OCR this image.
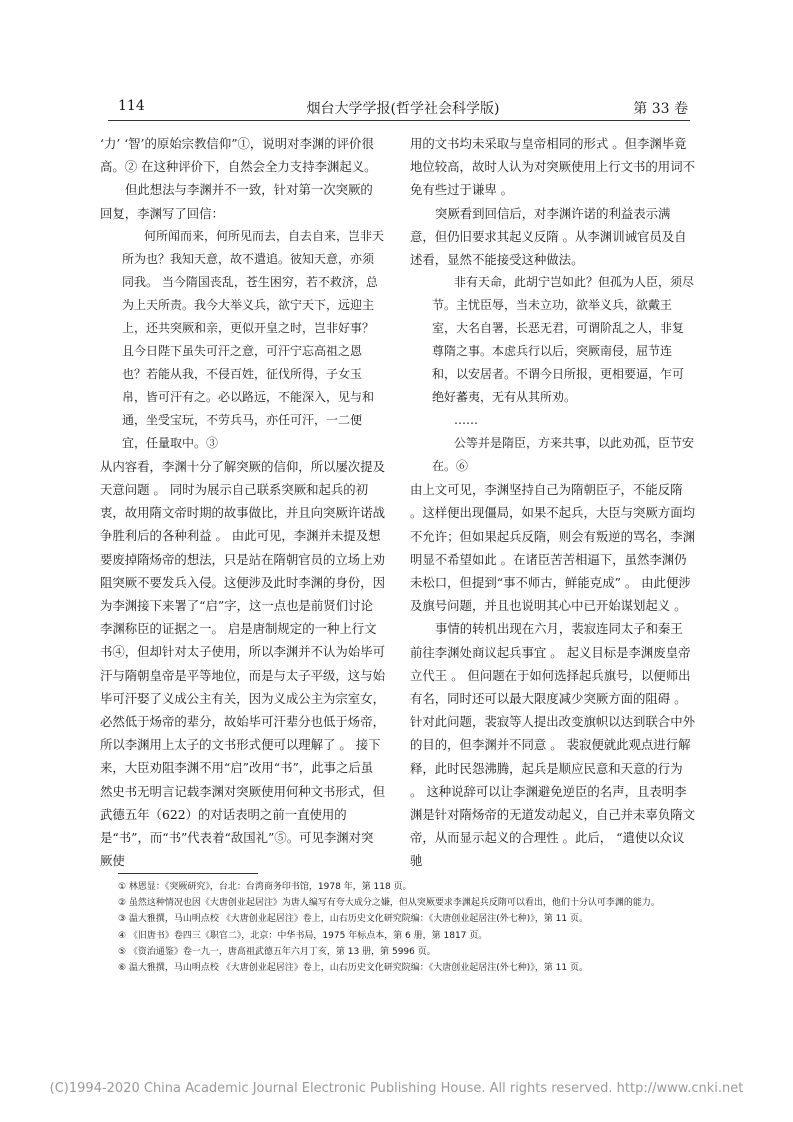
114	烟台大学学报(哲学社会科学版)	第 33 卷

‘力’ ‘智’的原始宗教信仰”①，说明对李渊的评价很高。② 在这种评价下，自然会全力支持李渊起义。

但此想法与李渊并不一致，针对第一次突厥的回复，李渊写了回信：

何所闻而来，何所见而去，自去自来，岂非天所为也？我知天意，故不遣追。彼知天意，亦须同我。 当今隋国丧乱，苍生困穷，若不救济，总为上天所责。我今大举义兵，欲宁天下，远迎主上，还共突厥和亲，更似开皇之时，岂非好事？且今日陛下虽失可汗之意，可汗宁忘高祖之恩也？若能从我，不侵百姓，征伐所得，子女玉帛，皆可汗有之。必以路远，不能深入，见与和通，坐受宝玩，不劳兵马，亦任可汗，一二便宜，任量取中。③

从内容看，李渊十分了解突厥的信仰，所以屡次提及天意问题 。 同时为展示自己联系突厥和起兵的初衷，故用隋文帝时期的故事做比，并且向突厥许诺战争胜利后的各种利益 。 由此可见，李渊并未提及想要废掉隋炀帝的想法，只是站在隋朝官员的立场上劝阻突厥不要发兵入侵。这便涉及此时李渊的身份，因为李渊接下来署了“启”字，这一点也是前贤们讨论李渊称臣的证据之一。 启是唐制规定的一种上行文书④，但却针对太子使用，所以李渊并不认为始毕可汗与隋朝皇帝是平等地位，而是与太子平级，这与始毕可汗娶了义成公主有关，因为义成公主为宗室女，必然低于炀帝的辈分，故始毕可汗辈分也低于炀帝，所以李渊用上太子的文书形式便可以理解了 。 接下来，大臣劝阻李渊不用“启”改用“书”，此事之后虽然史书无明言记载李渊对突厥使用何种文书形式，但武德五年（622）的对话表明之前一直使用的是“书”，而“书”代表着“敌国礼”⑤。可见李渊对突厥使

用的文书均未采取与皇帝相同的形式 。但李渊毕竟地位较高，故时人认为对突厥使用上行文书的用词不免有些过于谦卑 。

突厥看到回信后，对李渊许诺的利益表示满意，但仍旧要求其起义反隋 。从李渊训诫官员及自述看，显然不能接受这种做法。

非有天命，此胡宁岂如此？但孤为人臣，须尽节。主忧臣辱，当未立功，欲举义兵，欲戴王室，大名自署，长恶无君，可谓阶乱之人，非复尊隋之事。本虑兵行以后，突厥南侵，屈节连和，以安居者。不谓今日所报，更相要逼，乍可绝好蕃夷，无有从其所劝。

……

公等并是隋臣，方来共事，以此劝孤，臣节安在。⑥

由上文可见，李渊坚持自己为隋朝臣子，不能反隋 。这样便出现僵局，如果不起兵，大臣与突厥方面均不允许；但如果起兵反隋，则会有叛逆的骂名，李渊明显不希望如此 。在诸臣苦苦相逼下，虽然李渊仍未松口，但提到“事不师古，鲜能克成” 。 由此便涉及旗号问题，并且也说明其心中已开始谋划起义 。

事情的转机出现在六月，裴寂连同太子和秦王前往李渊处商议起兵事宜 。 起义目标是李渊废皇帝立代王 。 但问题在于如何选择起兵旗号，以便师出有名，同时还可以最大限度减少突厥方面的阻碍 。针对此问题，裴寂等人提出改变旗帜以达到联合中外的目的，但李渊并不同意 。 裴寂便就此观点进行解释，此时民怨沸腾，起兵是顺应民意和天意的行为 。 这种说辞可以让李渊避免逆臣的名声，且表明李渊是针对隋炀帝的无道发动起义，自己并未辜负隋文帝，从而显示起义的合理性 。此后， “遣使以众议驰

① 林恩显：《突厥研究》，台北：台湾商务印书馆，1978 年，第 118 页。

② 虽然这种情况也因《大唐创业起居注》为唐人编写有夸大成分之嫌，但从突厥要求李渊起兵反隋可以看出，他们十分认可李渊的能力。

③ 温大雅撰，马山明点校 《大唐创业起居注》卷上，山右历史文化研究院编：《大唐创业起居注(外七种)》，第 11 页。

④ 《旧唐书》卷四三《职官二》，北京：中华书局，1975 年标点本，第 6 册，第 1817 页。

⑤ 《资治通鉴》卷一九一，唐高祖武德五年六月丁亥，第 13 册，第 5996 页。

⑥ 温大雅撰，马山明点校 《大唐创业起居注》卷上，山右历史文化研究院编：《大唐创业起居注(外七种)》，第 11 页。

(C)1994-2020 China Academic Journal Electronic Publishing House. All rights reserved. http://www.cnki.net
